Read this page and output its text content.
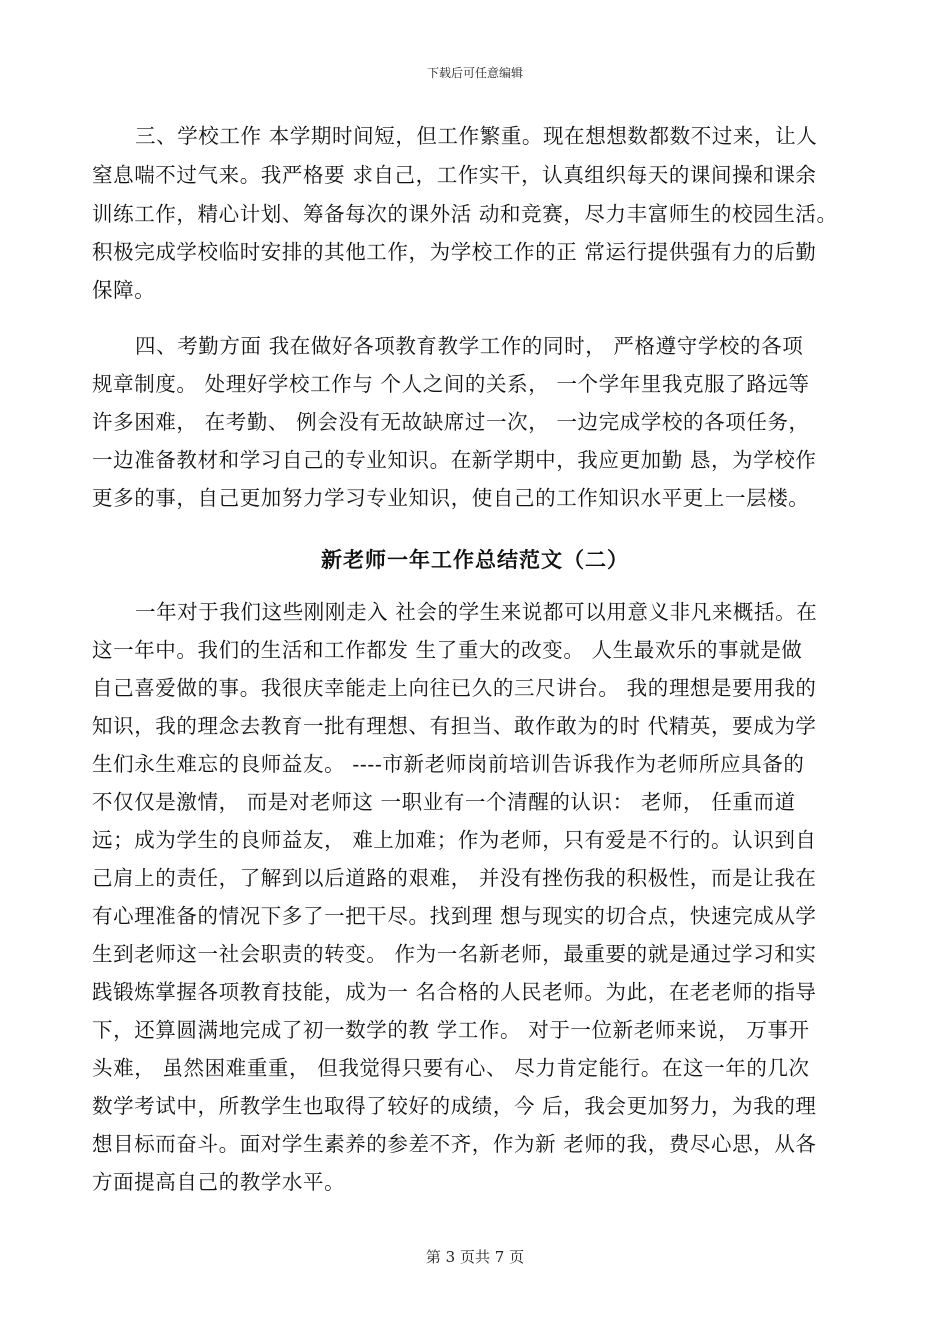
下载后可任意编辑
三、学校工作 本学期时间短，但工作繁重。现在想想数都数不过来，让人
窒息喘不过气来。我严格要 求自己，工作实干，认真组织每天的课间操和课余
训练工作，精心计划、筹备每次的课外活 动和竞赛，尽力丰富师生的校园生活。
积极完成学校临时安排的其他工作，为学校工作的正 常运行提供强有力的后勤
保障。
四、考勤方面 我在做好各项教育教学工作的同时， 严格遵守学校的各项
规章制度。 处理好学校工作与 个人之间的关系， 一个学年里我克服了路远等
许多困难， 在考勤、 例会没有无故缺席过一次， 一边完成学校的各项任务，
一边准备教材和学习自己的专业知识。在新学期中，我应更加勤 恳，为学校作
更多的事，自己更加努力学习专业知识，使自己的工作知识水平更上一层楼。
新老师一年工作总结范文（二）
一年对于我们这些刚刚走入 社会的学生来说都可以用意义非凡来概括。在
这一年中。我们的生活和工作都发 生了重大的改变。 人生最欢乐的事就是做
自己喜爱做的事。我很庆幸能走上向往已久的三尺讲台。 我的理想是要用我的
知识，我的理念去教育一批有理想、有担当、敢作敢为的时 代精英，要成为学
生们永生难忘的良师益友。 ----市新老师岗前培训告诉我作为老师所应具备的
不仅仅是激情， 而是对老师这 一职业有一个清醒的认识： 老师， 任重而道
远；成为学生的良师益友， 难上加难；作为老师，只有爱是不行的。认识到自
己肩上的责任，了解到以后道路的艰难， 并没有挫伤我的积极性，而是让我在
有心理准备的情况下多了一把干尽。找到理 想与现实的切合点，快速完成从学
生到老师这一社会职责的转变。 作为一名新老师，最重要的就是通过学习和实
践锻炼掌握各项教育技能，成为一 名合格的人民老师。为此，在老老师的指导
下，还算圆满地完成了初一数学的教 学工作。 对于一位新老师来说， 万事开
头难， 虽然困难重重， 但我觉得只要有心、 尽力肯定能行。在这一年的几次
数学考试中，所教学生也取得了较好的成绩，今 后，我会更加努力，为我的理
想目标而奋斗。面对学生素养的参差不齐，作为新 老师的我，费尽心思，从各
方面提高自己的教学水平。
第 3 页共 7 页
